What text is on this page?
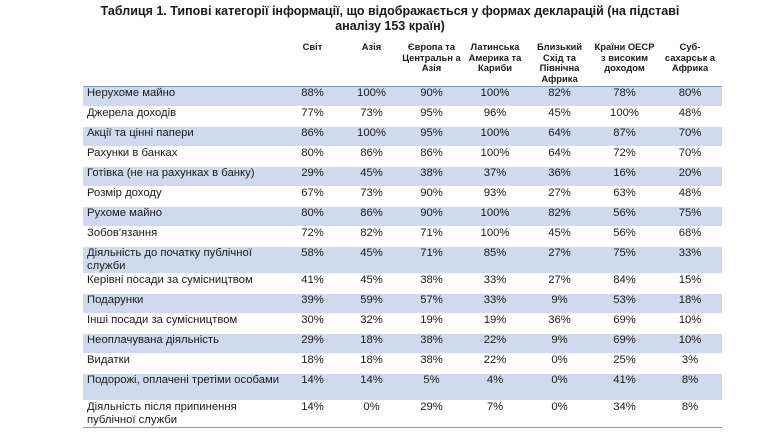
Таблиця 1. Типові категорії інформації, що відображається у формах декларацій (на підставі
аналізу 153 країн)
	Світ	Азія	Європа та Центральн а Азія	Латинська Америка та Кариби	Близький Схід та Північна Африка	Країни ОЕСР з високим доходом	Суб-сахарськ а Африка
Нерухоме майно	88%	100%	90%	100%	82%	78%	80%
Джерела доходів	77%	73%	95%	96%	45%	100%	48%
Акції та цінні папери	86%	100%	95%	100%	64%	87%	70%
Рахунки в банках	80%	86%	86%	100%	64%	72%	70%
Готівка (не на рахунках в банку)	29%	45%	38%	37%	36%	16%	20%
Розмір доходу	67%	73%	90%	93%	27%	63%	48%
Рухоме майно	80%	86%	90%	100%	82%	56%	75%
Зобов'язання	72%	82%	71%	100%	45%	56%	68%
Діяльність до початку публічної служби	58%	45%	71%	85%	27%	75%	33%
Керівні посади за сумісництвом	41%	45%	38%	33%	27%	84%	15%
Подарунки	39%	59%	57%	33%	9%	53%	18%
Інші посади за сумісництвом	30%	32%	19%	19%	36%	69%	10%
Неоплачувана діяльність	29%	18%	38%	22%	9%	69%	10%
Видатки	18%	18%	38%	22%	0%	25%	3%
Подорожі, оплачені третіми особами	14%	14%	5%	4%	0%	41%	8%
Діяльність після припинення публічної служби	14%	0%	29%	7%	0%	34%	8%
